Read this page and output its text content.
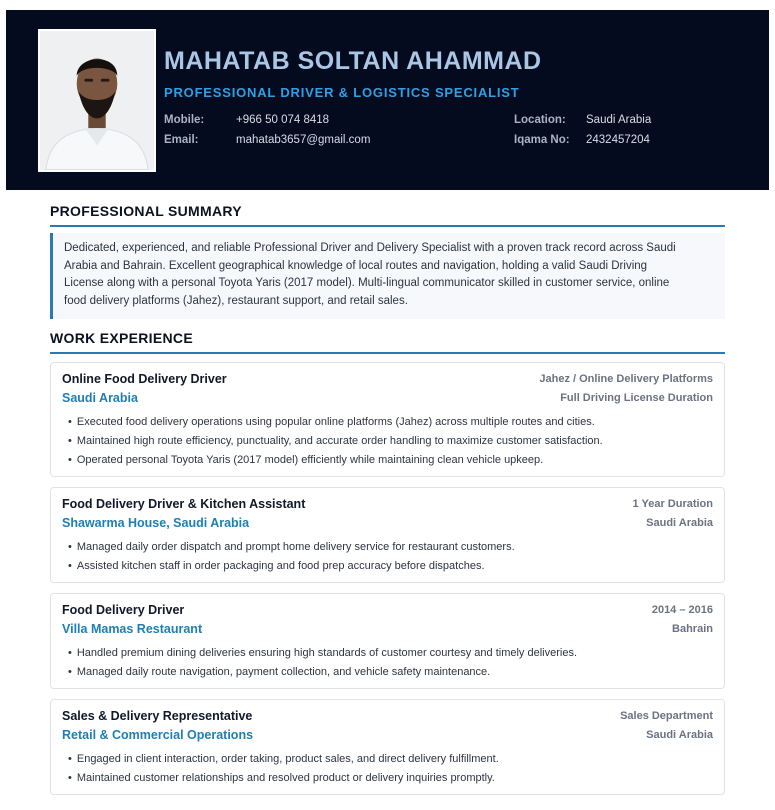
MAHATAB SOLTAN AHAMMAD
PROFESSIONAL DRIVER & LOGISTICS SPECIALIST
Mobile:	+966 50 074 8418
Email:	mahatab3657@gmail.com
Location: Saudi Arabia
Iqama No: 2432457204
PROFESSIONAL SUMMARY
Dedicated, experienced, and reliable Professional Driver and Delivery Specialist with a proven track record across Saudi
Arabia and Bahrain. Excellent geographical knowledge of local routes and navigation, holding a valid Saudi Driving
License along with a personal Toyota Yaris (2017 model). Multi-lingual communicator skilled in customer service, online
food delivery platforms (Jahez), restaurant support, and retail sales.
WORK EXPERIENCE
Online Food Delivery Driver	Jahez / Online Delivery Platforms
Saudi Arabia	Full Driving License Duration
• Executed food delivery operations using popular online platforms (Jahez) across multiple routes and cities.
• Maintained high route efficiency, punctuality, and accurate order handling to maximize customer satisfaction.
• Operated personal Toyota Yaris (2017 model) efficiently while maintaining clean vehicle upkeep.
Food Delivery Driver & Kitchen Assistant	1 Year Duration
Shawarma House, Saudi Arabia	Saudi Arabia
• Managed daily order dispatch and prompt home delivery service for restaurant customers.
• Assisted kitchen staff in order packaging and food prep accuracy before dispatches.
Food Delivery Driver	2014 – 2016
Villa Mamas Restaurant	Bahrain
• Handled premium dining deliveries ensuring high standards of customer courtesy and timely deliveries.
• Managed daily route navigation, payment collection, and vehicle safety maintenance.
Sales & Delivery Representative	Sales Department
Retail & Commercial Operations	Saudi Arabia
• Engaged in client interaction, order taking, product sales, and direct delivery fulfillment.
• Maintained customer relationships and resolved product or delivery inquiries promptly.
